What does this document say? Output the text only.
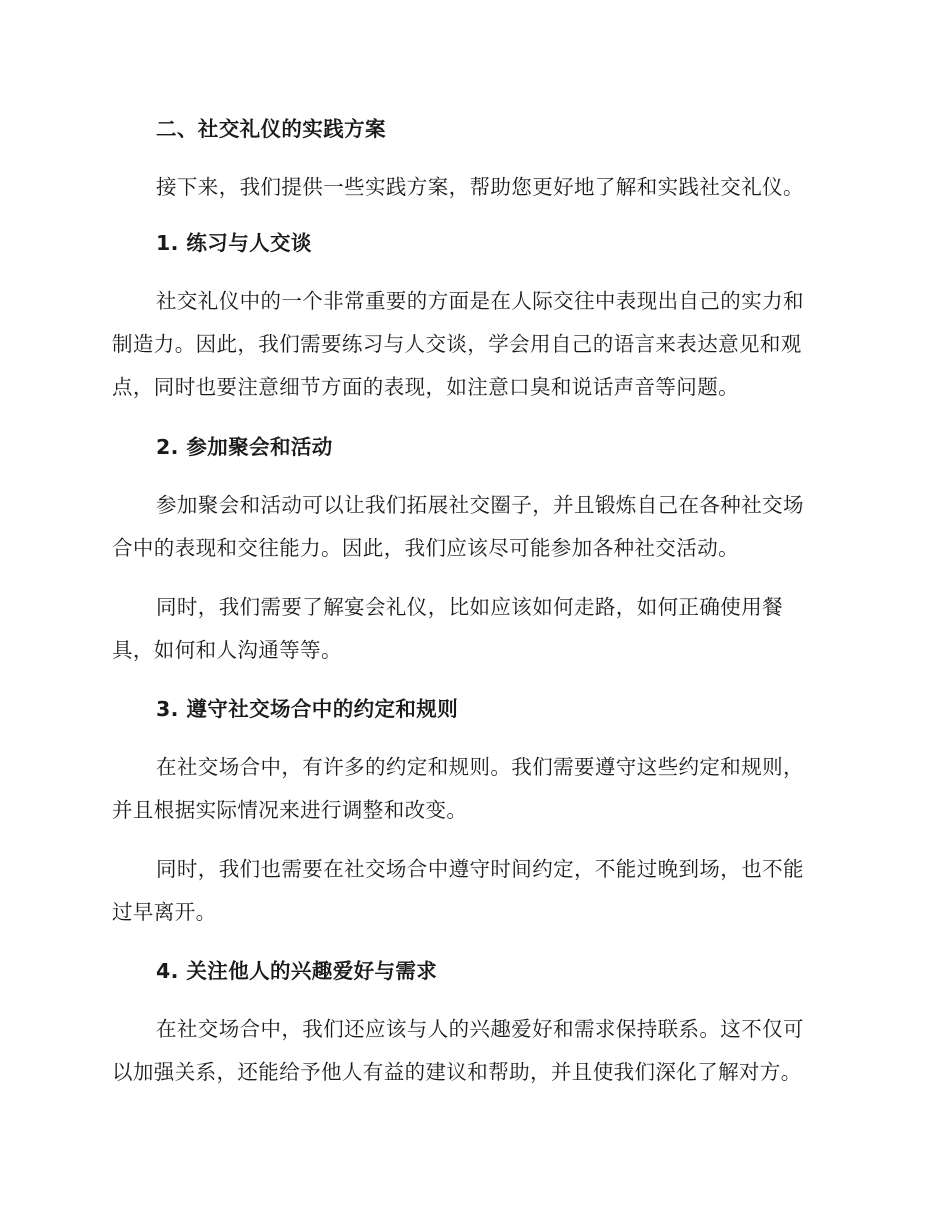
二、社交礼仪的实践方案

接下来，我们提供一些实践方案，帮助您更好地了解和实践社交礼仪。

1. 练习与人交谈

社交礼仪中的一个非常重要的方面是在人际交往中表现出自己的实力和
制造力。因此，我们需要练习与人交谈，学会用自己的语言来表达意见和观
点，同时也要注意细节方面的表现，如注意口臭和说话声音等问题。

2. 参加聚会和活动

参加聚会和活动可以让我们拓展社交圈子，并且锻炼自己在各种社交场
合中的表现和交往能力。因此，我们应该尽可能参加各种社交活动。
同时，我们需要了解宴会礼仪，比如应该如何走路，如何正确使用餐
具，如何和人沟通等等。

3. 遵守社交场合中的约定和规则

在社交场合中，有许多的约定和规则。我们需要遵守这些约定和规则，
并且根据实际情况来进行调整和改变。
同时，我们也需要在社交场合中遵守时间约定，不能过晚到场，也不能
过早离开。

4. 关注他人的兴趣爱好与需求

在社交场合中，我们还应该与人的兴趣爱好和需求保持联系。这不仅可
以加强关系，还能给予他人有益的建议和帮助，并且使我们深化了解对方。
